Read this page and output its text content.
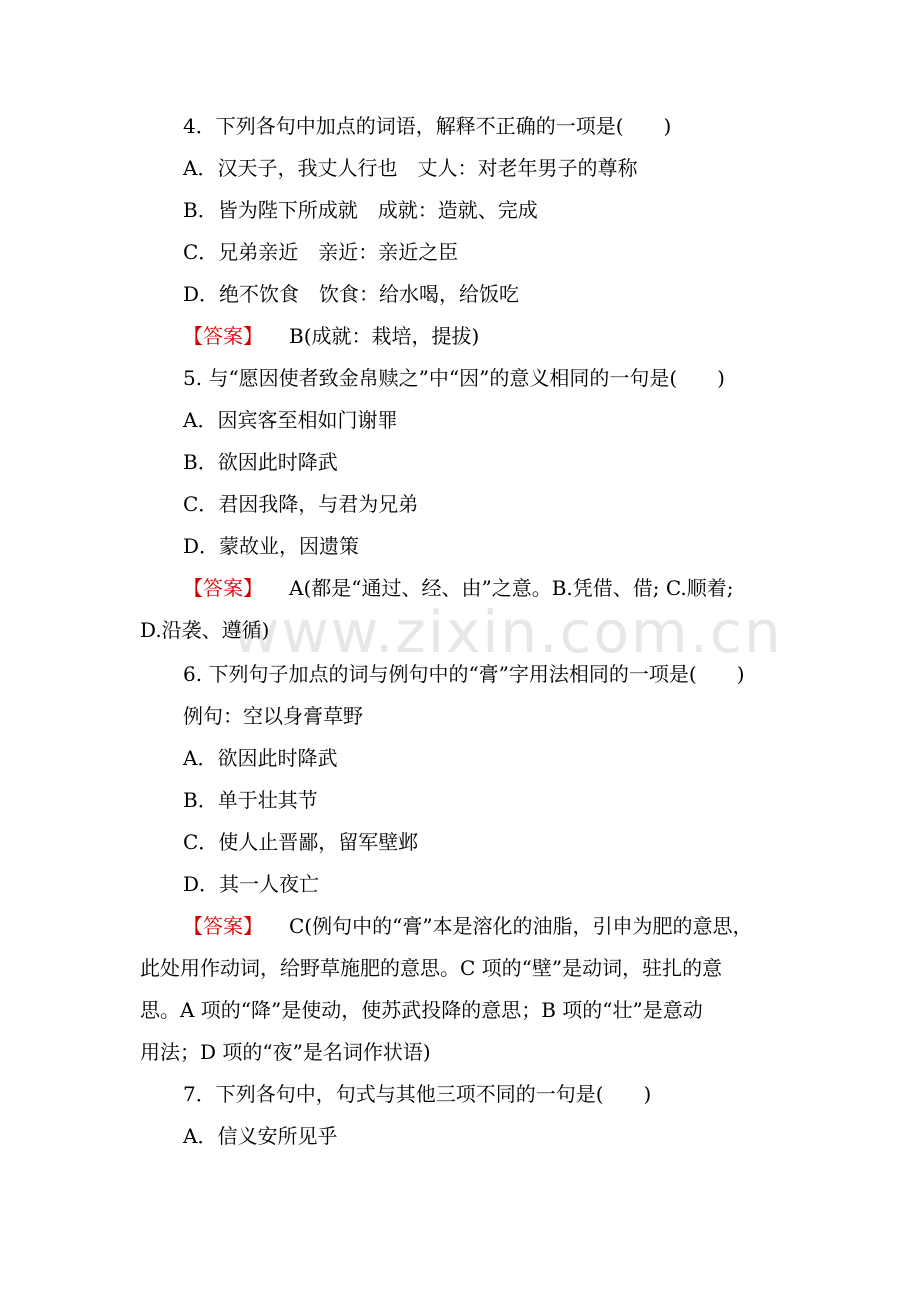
4．下列各句中加点的词语，解释不正确的一项是(　　)
A．汉天子，我丈人行也　丈人：对老年男子的尊称
B．皆为陛下所成就　成就：造就、完成
C．兄弟亲近　亲近：亲近之臣
D．绝不饮食　饮食：给水喝，给饭吃
【答案】 B(成就：栽培，提拔)
5. 与“愿因使者致金帛赎之”中“因”的意义相同的一句是(　　)
A．因宾客至相如门谢罪
B．欲因此时降武
C．君因我降，与君为兄弟
D．蒙故业，因遗策
【答案】 A(都是“通过、经、由”之意。B.凭借、借; C.顺着;
D.沿袭、遵循)
6. 下列句子加点的词与例句中的“膏”字用法相同的一项是(　　)
例句：空以身膏草野
A．欲因此时降武
B．单于壮其节
C．使人止晋鄙，留军壁邺
D．其一人夜亡
【答案】 C(例句中的“膏”本是溶化的油脂，引申为肥的意思，
此处用作动词，给野草施肥的意思。C 项的“壁”是动词，驻扎的意
思。A 项的“降”是使动，使苏武投降的意思；B 项的“壮”是意动
用法；D 项的“夜”是名词作状语)
7．下列各句中，句式与其他三项不同的一句是(　　)
A．信义安所见乎
www.zixin.com.cn
